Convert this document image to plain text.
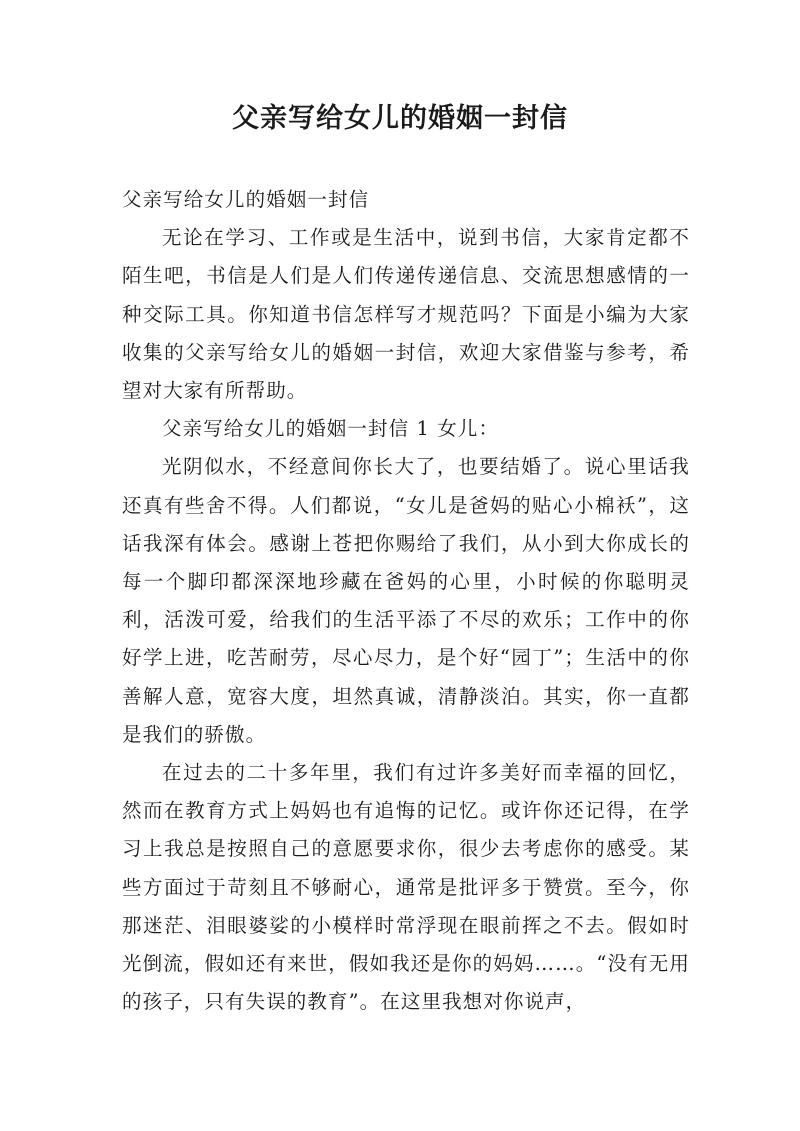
父亲写给女儿的婚姻一封信

父亲写给女儿的婚姻一封信

无论在学习、工作或是生活中，说到书信，大家肯定都不陌生吧，书信是人们是人们传递传递信息、交流思想感情的一种交际工具。你知道书信怎样写才规范吗？下面是小编为大家收集的父亲写给女儿的婚姻一封信，欢迎大家借鉴与参考，希望对大家有所帮助。

父亲写给女儿的婚姻一封信 1 女儿：

光阴似水，不经意间你长大了，也要结婚了。说心里话我还真有些舍不得。人们都说，“女儿是爸妈的贴心小棉袄”，这话我深有体会。感谢上苍把你赐给了我们，从小到大你成长的每一个脚印都深深地珍藏在爸妈的心里，小时候的你聪明灵利，活泼可爱，给我们的生活平添了不尽的欢乐；工作中的你好学上进，吃苦耐劳，尽心尽力，是个好“园丁”；生活中的你善解人意，宽容大度，坦然真诚，清静淡泊。其实，你一直都是我们的骄傲。

在过去的二十多年里，我们有过许多美好而幸福的回忆，然而在教育方式上妈妈也有追悔的记忆。或许你还记得，在学习上我总是按照自己的意愿要求你，很少去考虑你的感受。某些方面过于苛刻且不够耐心，通常是批评多于赞赏。至今，你那迷茫、泪眼婆娑的小模样时常浮现在眼前挥之不去。假如时光倒流，假如还有来世，假如我还是你的妈妈……。“没有无用的孩子，只有失误的教育”。在这里我想对你说声，
